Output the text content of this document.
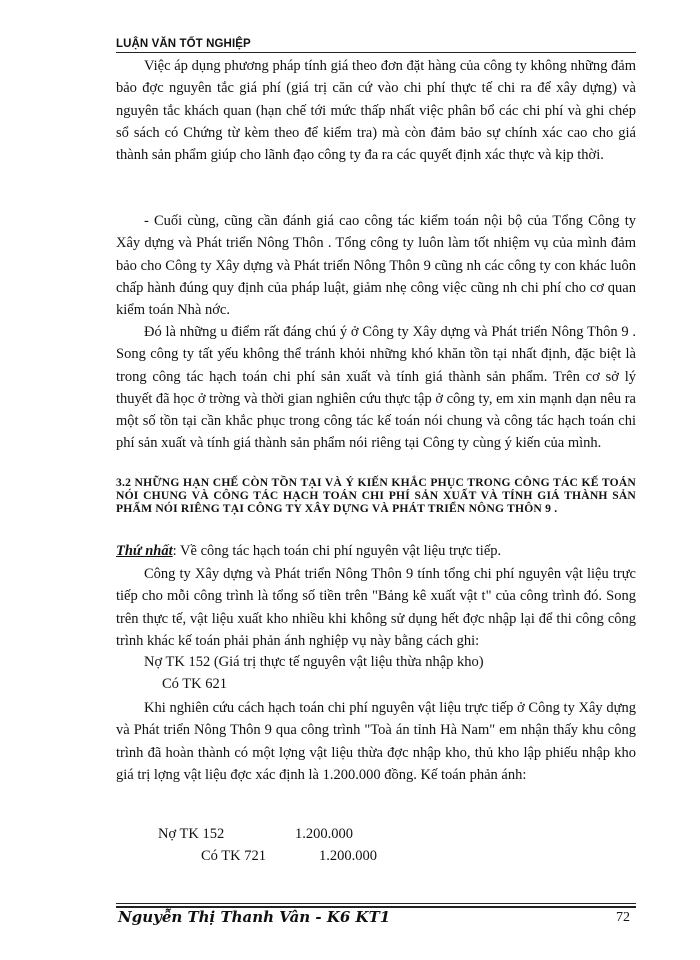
LUẬN VĂN TỐT NGHIỆP

Việc áp dụng phương pháp tính giá theo đơn đặt hàng của công ty không những đảm bảo đợc nguyên tắc giá phí (giá trị căn cứ vào chi phí thực tế chi ra để xây dựng) và nguyên tắc khách quan (hạn chế tới mức thấp nhất việc phân bổ các chi phí và ghi chép sổ sách có Chứng từ kèm theo để kiểm tra) mà còn đảm bảo sự chính xác cao cho giá thành sản phẩm giúp cho lãnh đạo công ty đa ra các quyết định xác thực và kịp thời.

- Cuối cùng, cũng cần đánh giá cao công tác kiểm toán nội bộ của Tổng Công ty Xây dựng và Phát triển Nông Thôn . Tổng công ty luôn làm tốt nhiệm vụ của mình đảm bảo cho Công ty Xây dựng và Phát triển Nông Thôn 9 cũng nh các công ty con khác luôn chấp hành đúng quy định của pháp luật, giảm nhẹ công việc cũng nh chi phí cho cơ quan kiểm toán Nhà nớc.

Đó là những u điểm rất đáng chú ý ở Công ty Xây dựng và Phát triển Nông Thôn 9 . Song công ty tất yếu không thể tránh khỏi những khó khăn tồn tại nhất định, đặc biệt là trong công tác hạch toán chi phí sản xuất và tính giá thành sản phẩm. Trên cơ sở lý thuyết đã học ở trờng và thời gian nghiên cứu thực tập ở công ty, em xin mạnh dạn nêu ra một số tồn tại cần khắc phục trong công tác kế toán nói chung và công tác hạch toán chi phí sản xuất và tính giá thành sản phẩm nói riêng tại Công ty cùng ý kiến của mình.

3.2 NHỮNG HẠN CHẾ CÒN TỒN TẠI VÀ Ý KIẾN KHẮC PHỤC TRONG CÔNG TÁC KẾ TOÁN NÓI CHUNG VÀ CÔNG TÁC HẠCH TOÁN CHI PHÍ SẢN XUẤT VÀ TÍNH GIÁ THÀNH SẢN PHẨM NÓI RIÊNG TẠI CÔNG TY XÂY DỰNG VÀ PHÁT TRIỂN NÔNG THÔN 9 .

Thứ nhất: Về công tác hạch toán chi phí nguyên vật liệu trực tiếp.

Công ty Xây dựng và Phát triển Nông Thôn 9 tính tổng chi phí nguyên vật liệu trực tiếp cho mỗi công trình là tổng số tiền trên "Bảng kê xuất vật t" của công trình đó. Song trên thực tế, vật liệu xuất kho nhiều khi không sử dụng hết đợc nhập lại để thi công công trình khác kế toán phải phản ánh nghiệp vụ này bằng cách ghi:

Nợ TK 152 (Giá trị thực tế nguyên vật liệu thừa nhập kho)
Có TK 621

Khi nghiên cứu cách hạch toán chi phí nguyên vật liệu trực tiếp ở Công ty Xây dựng và Phát triển Nông Thôn 9 qua công trình "Toà án tỉnh Hà Nam" em nhận thấy khu công trình đã hoàn thành có một lợng vật liệu thừa đợc nhập kho, thủ kho lập phiếu nhập kho giá trị lợng vật liệu đợc xác định là 1.200.000 đồng. Kế toán phản ánh:

Nợ TK 152	1.200.000
Có TK 721	1.200.000
Nguyễn Thị Thanh Vân - K6 KT1	72
